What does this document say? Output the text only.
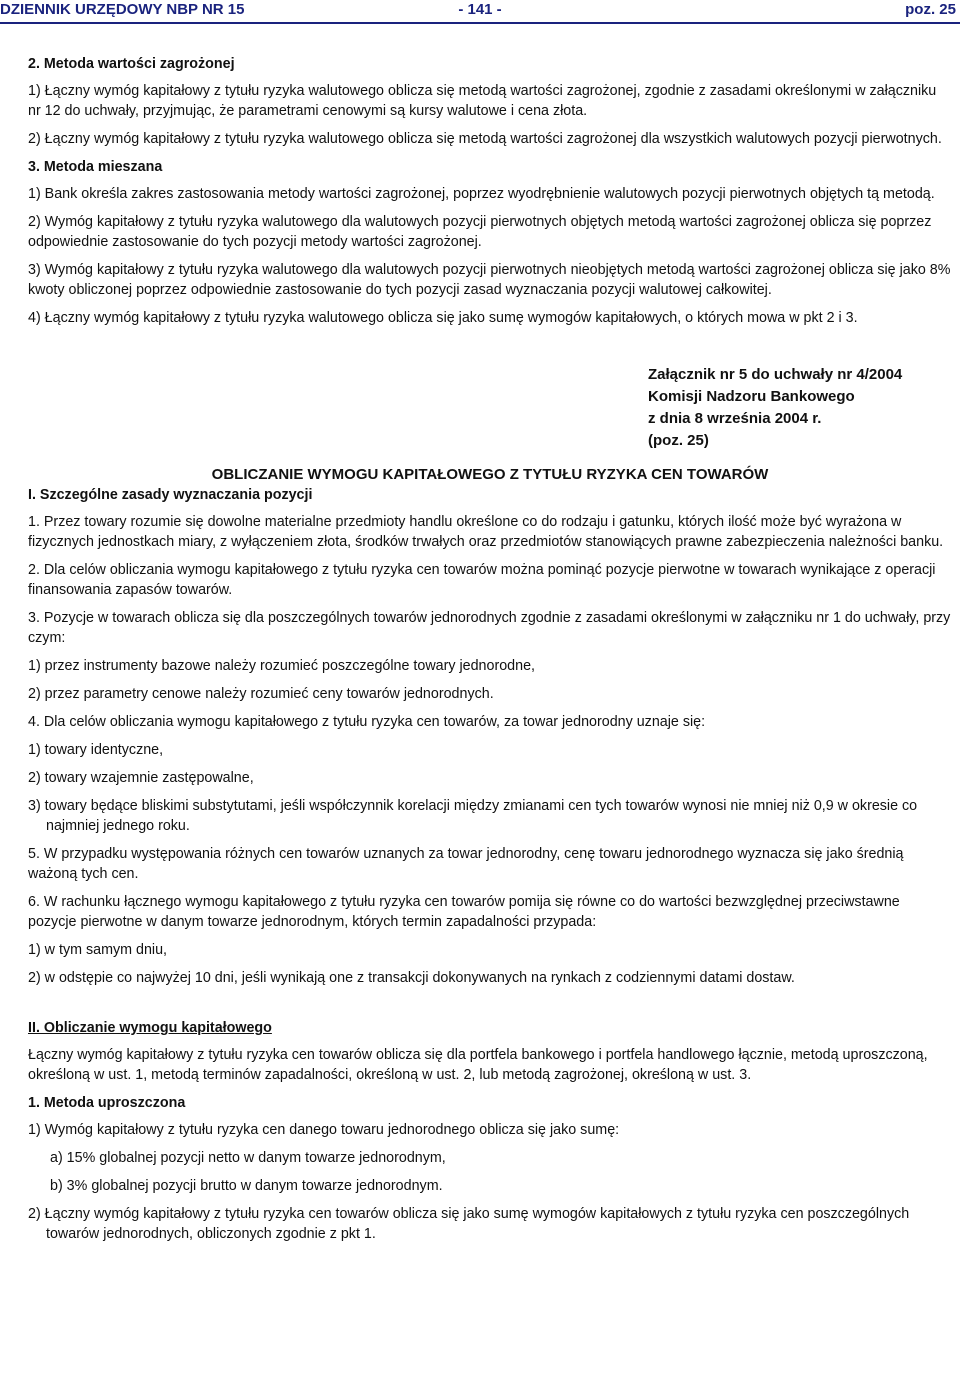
DZIENNIK URZĘDOWY NBP NR 15	- 141 -	poz. 25

2. Metoda wartości zagrożonej

1) Łączny wymóg kapitałowy z tytułu ryzyka walutowego oblicza się metodą wartości zagrożonej, zgodnie z zasadami określonymi w załączniku nr 12 do uchwały, przyjmując, że parametrami cenowymi są kursy walutowe i cena złota.

2) Łączny wymóg kapitałowy z tytułu ryzyka walutowego oblicza się metodą wartości zagrożonej dla wszystkich walutowych pozycji pierwotnych.

3. Metoda mieszana

1) Bank określa zakres zastosowania metody wartości zagrożonej, poprzez wyodrębnienie walutowych pozycji pierwotnych objętych tą metodą.

2) Wymóg kapitałowy z tytułu ryzyka walutowego dla walutowych pozycji pierwotnych objętych metodą wartości zagrożonej oblicza się poprzez odpowiednie zastosowanie do tych pozycji metody wartości zagrożonej.

3) Wymóg kapitałowy z tytułu ryzyka walutowego dla walutowych pozycji pierwotnych nieobjętych metodą wartości zagrożonej oblicza się jako 8% kwoty obliczonej poprzez odpowiednie zastosowanie do tych pozycji zasad wyznaczania pozycji walutowej całkowitej.

4) Łączny wymóg kapitałowy z tytułu ryzyka walutowego oblicza się jako sumę wymogów kapitałowych, o których mowa w pkt 2 i 3.

Załącznik nr 5 do uchwały nr 4/2004
Komisji Nadzoru Bankowego
z dnia 8 września 2004 r.
(poz. 25)

OBLICZANIE WYMOGU KAPITAŁOWEGO Z TYTUŁU RYZYKA CEN TOWARÓW

I. Szczególne zasady wyznaczania pozycji

1. Przez towary rozumie się dowolne materialne przedmioty handlu określone co do rodzaju i gatunku, których ilość może być wyrażona w fizycznych jednostkach miary, z wyłączeniem złota, środków trwałych oraz przedmiotów stanowiących prawne zabezpieczenia należności banku.

2. Dla celów obliczania wymogu kapitałowego z tytułu ryzyka cen towarów można pominąć pozycje pierwotne w towarach wynikające z operacji finansowania zapasów towarów.

3. Pozycje w towarach oblicza się dla poszczególnych towarów jednorodnych zgodnie z zasadami określonymi w załączniku nr 1 do uchwały, przy czym:

1) przez instrumenty bazowe należy rozumieć poszczególne towary jednorodne,

2) przez parametry cenowe należy rozumieć ceny towarów jednorodnych.

4. Dla celów obliczania wymogu kapitałowego z tytułu ryzyka cen towarów, za towar jednorodny uznaje się:

1) towary identyczne,

2) towary wzajemnie zastępowalne,

3) towary będące bliskimi substytutami, jeśli współczynnik korelacji między zmianami cen tych towarów wynosi nie mniej niż 0,9 w okresie co najmniej jednego roku.

5. W przypadku występowania różnych cen towarów uznanych za towar jednorodny, cenę towaru jednorodnego wyznacza się jako średnią ważoną tych cen.

6. W rachunku łącznego wymogu kapitałowego z tytułu ryzyka cen towarów pomija się równe co do wartości bezwzględnej przeciwstawne pozycje pierwotne w danym towarze jednorodnym, których termin zapadalności przypada:

1) w tym samym dniu,

2) w odstępie co najwyżej 10 dni, jeśli wynikają one z transakcji dokonywanych na rynkach z codziennymi datami dostaw.

II. Obliczanie wymogu kapitałowego

Łączny wymóg kapitałowy z tytułu ryzyka cen towarów oblicza się dla portfela bankowego i portfela handlowego łącznie, metodą uproszczoną, określoną w ust. 1, metodą terminów zapadalności, określoną w ust. 2, lub metodą zagrożonej, określoną w ust. 3.

1. Metoda uproszczona

1) Wymóg kapitałowy z tytułu ryzyka cen danego towaru jednorodnego oblicza się jako sumę:

a) 15% globalnej pozycji netto w danym towarze jednorodnym,

b) 3% globalnej pozycji brutto w danym towarze jednorodnym.

2) Łączny wymóg kapitałowy z tytułu ryzyka cen towarów oblicza się jako sumę wymogów kapitałowych z tytułu ryzyka cen poszczególnych towarów jednorodnych, obliczonych zgodnie z pkt 1.
